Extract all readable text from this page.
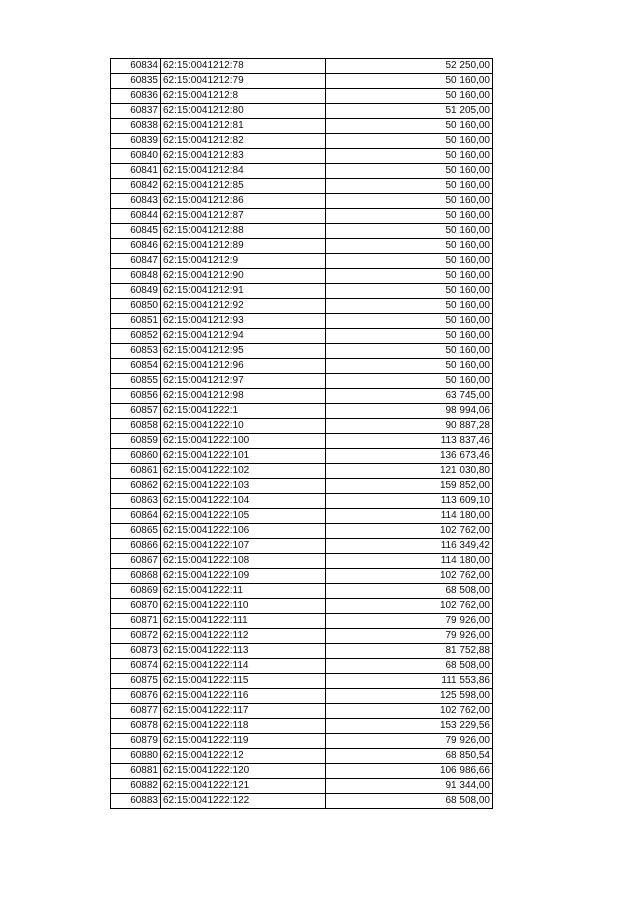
60834	62:15:0041212:78	52 250,00
60835	62:15:0041212:79	50 160,00
60836	62:15:0041212:8	50 160,00
60837	62:15:0041212:80	51 205,00
60838	62:15:0041212:81	50 160,00
60839	62:15:0041212:82	50 160,00
60840	62:15:0041212:83	50 160,00
60841	62:15:0041212:84	50 160,00
60842	62:15:0041212:85	50 160,00
60843	62:15:0041212:86	50 160,00
60844	62:15:0041212:87	50 160,00
60845	62:15:0041212:88	50 160,00
60846	62:15:0041212:89	50 160,00
60847	62:15:0041212:9	50 160,00
60848	62:15:0041212:90	50 160,00
60849	62:15:0041212:91	50 160,00
60850	62:15:0041212:92	50 160,00
60851	62:15:0041212:93	50 160,00
60852	62:15:0041212:94	50 160,00
60853	62:15:0041212:95	50 160,00
60854	62:15:0041212:96	50 160,00
60855	62:15:0041212:97	50 160,00
60856	62:15:0041212:98	63 745,00
60857	62:15:0041222:1	98 994,06
60858	62:15:0041222:10	90 887,28
60859	62:15:0041222:100	113 837,46
60860	62:15:0041222:101	136 673,46
60861	62:15:0041222:102	121 030,80
60862	62:15:0041222:103	159 852,00
60863	62:15:0041222:104	113 609,10
60864	62:15:0041222:105	114 180,00
60865	62:15:0041222:106	102 762,00
60866	62:15:0041222:107	116 349,42
60867	62:15:0041222:108	114 180,00
60868	62:15:0041222:109	102 762,00
60869	62:15:0041222:11	68 508,00
60870	62:15:0041222:110	102 762,00
60871	62:15:0041222:111	79 926,00
60872	62:15:0041222:112	79 926,00
60873	62:15:0041222:113	81 752,88
60874	62:15:0041222:114	68 508,00
60875	62:15:0041222:115	111 553,86
60876	62:15:0041222:116	125 598,00
60877	62:15:0041222:117	102 762,00
60878	62:15:0041222:118	153 229,56
60879	62:15:0041222:119	79 926,00
60880	62:15:0041222:12	68 850,54
60881	62:15:0041222:120	106 986,66
60882	62:15:0041222:121	91 344,00
60883	62:15:0041222:122	68 508,00
